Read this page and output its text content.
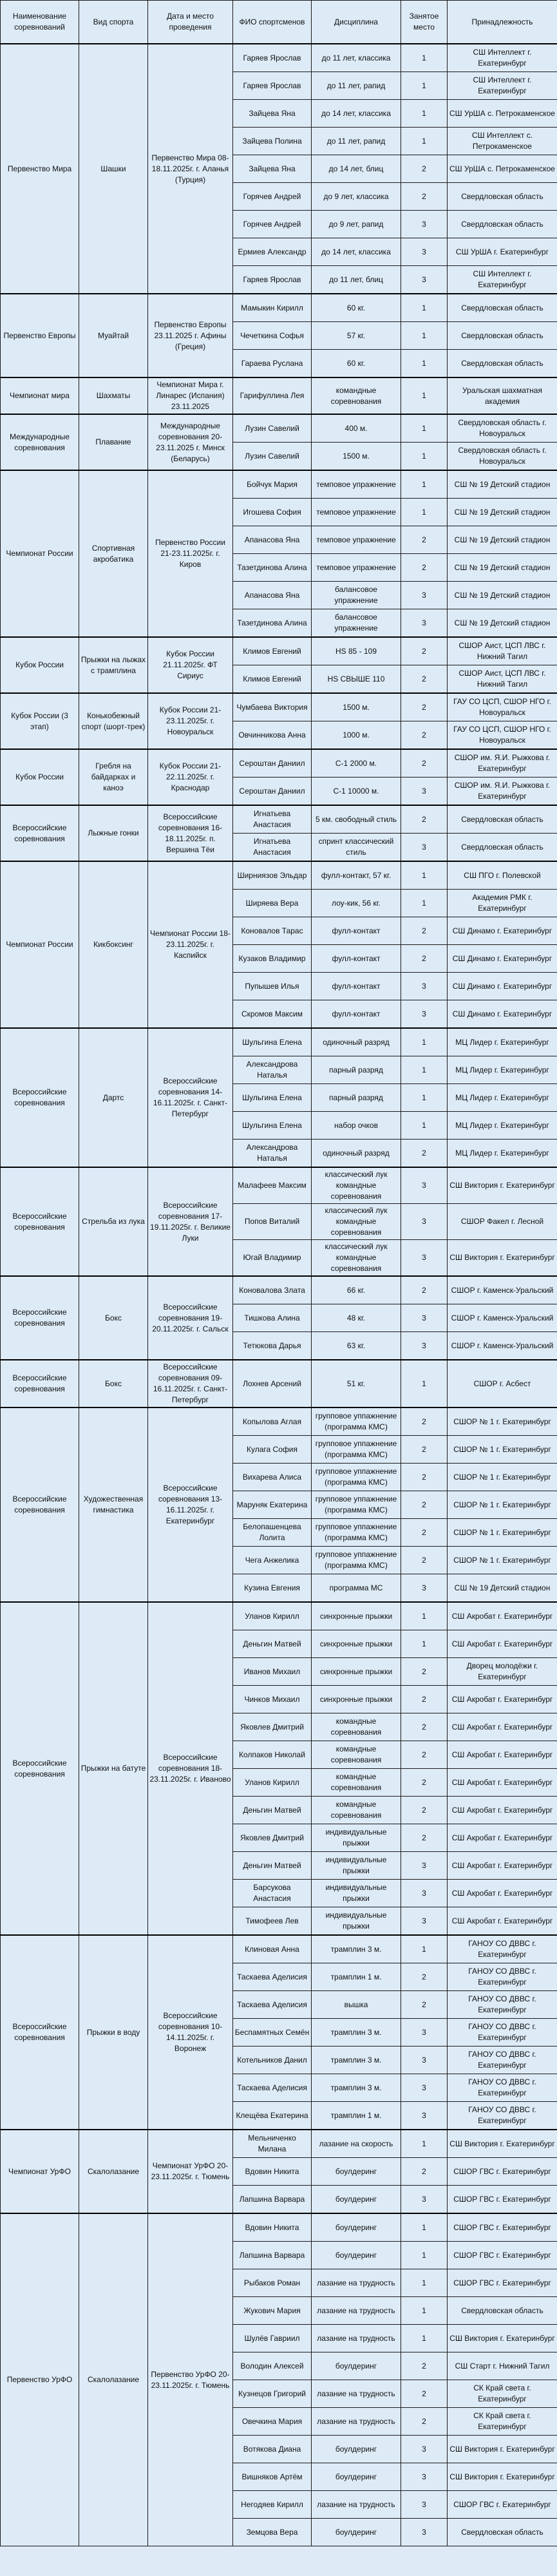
Наименование соревнований	Вид спорта	Дата и место проведения	ФИО спортсменов	Дисциплина	Занятое место	Принадлежность
Первенство Мира	Шашки	Первенство Мира 08-18.11.2025г. г. Аланья (Турция)	Гаряев Ярослав	до 11 лет, классика	1	СШ Интеллект г. Екатеринбург
			Гаряев Ярослав	до 11 лет, рапид	1	СШ Интеллект г. Екатеринбург
			Зайцева Яна	до 14 лет, классика	1	СШ УрША с. Петрокаменское
			Зайцева Полина	до 11 лет, рапид	1	СШ Интеллект с. Петрокаменское
			Зайцева Яна	до 14 лет, блиц	2	СШ УрША с. Петрокаменское
			Горячев Андрей	до 9 лет, классика	2	Свердловская область
			Горячев Андрей	до 9 лет, рапид	3	Свердловская область
			Ермиев Александр	до 14 лет, классика	3	СШ УрША г. Екатеринбург
			Гаряев Ярослав	до 11 лет, блиц	3	СШ Интеллект г. Екатеринбург
Первенство Европы	Муайтай	Первенство Европы 23.11.2025 г. Афины (Греция)	Мамыкин Кирилл	60 кг.	1	Свердловская область
			Чечеткина Софья	57 кг.	1	Свердловская область
			Гараева Руслана	60 кг.	1	Свердловская область
Чемпионат мира	Шахматы	Чемпионат Мира г. Линарес (Испания) 23.11.2025	Гарифуллина Лея	командные соревнования	1	Уральская шахматная академия
Международные соревнования	Плавание	Международные соревнования 20-23.11.2025 г. Минск (Беларусь)	Лузин Савелий	400 м.	1	Свердловская область г. Новоуральск
			Лузин Савелий	1500 м.	1	Свердловская область г. Новоуральск
Чемпионат России	Спортивная акробатика	Первенство России 21-23.11.2025г. г. Киров	Бойчук Мария	темповое упражнение	1	СШ № 19 Детский стадион
			Игошева София	темповое упражнение	1	СШ № 19 Детский стадион
			Апанасова Яна	темповое упражнение	2	СШ № 19 Детский стадион
			Тазетдинова Алина	темповое упражнение	2	СШ № 19 Детский стадион
			Апанасова Яна	балансовое упражнение	3	СШ № 19 Детский стадион
			Тазетдинова Алина	балансовое упражнение	3	СШ № 19 Детский стадион
Кубок России	Прыжки на лыжах с трамплина	Кубок России 21.11.2025г. ФТ Сириус	Климов Евгений	HS 85 - 109	2	СШОР Аист, ЦСП ЛВС г. Нижний Тагил
			Климов Евгений	HS СВЫШЕ 110	2	СШОР Аист, ЦСП ЛВС г. Нижний Тагил
Кубок России (3 этап)	Конькобежный спорт (шорт-трек)	Кубок России 21-23.11.2025г. г. Новоуральск	Чумбаева Виктория	1500 м.	2	ГАУ СО ЦСП, СШОР НГО г. Новоуральск
			Овчинникова Анна	1000 м.	2	ГАУ СО ЦСП, СШОР НГО г. Новоуральск
Кубок России	Гребля на байдарках и каноэ	Кубок России 21-22.11.2025г. г. Краснодар	Сероштан Даниил	С-1 2000 м.	2	СШОР им. Я.И. Рыжкова г. Екатеринбург
			Сероштан Даниил	С-1 10000 м.	3	СШОР им. Я.И. Рыжкова г. Екатеринбург
Всероссийские соревнования	Лыжные гонки	Всероссийские соревнования 16-18.11.2025г. п. Вершина Тёи	Игнатьева Анастасия	5 км. свободный стиль	2	Свердловская область
			Игнатьева Анастасия	спринт классический стиль	3	Свердловская область
Чемпионат России	Кикбоксинг	Чемпионат России 18-23.11.2025г. г. Каспийск	Ширниязов Эльдар	фулл-контакт, 57 кг.	1	СШ ПГО г. Полевской
			Ширяева Вера	лоу-кик, 56 кг.	1	Академия РМК г. Екатеринбург
			Коновалов Тарас	фулл-контакт	2	СШ Динамо г. Екатеринбург
			Кузаков Владимир	фулл-контакт	2	СШ Динамо г. Екатеринбург
			Пупышев Илья	фулл-контакт	3	СШ Динамо г. Екатеринбург
			Скромов Максим	фулл-контакт	3	СШ Динамо г. Екатеринбург
Всероссийские соревнования	Дартс	Всероссийские соревнования 14-16.11.2025г. г. Санкт-Петербург	Шульгина Елена	одиночный разряд	1	МЦ Лидер г. Екатеринбург
			Александрова Наталья	парный разряд	1	МЦ Лидер г. Екатеринбург
			Шульгина Елена	парный разряд	1	МЦ Лидер г. Екатеринбург
			Шульгина Елена	набор очков	1	МЦ Лидер г. Екатеринбург
			Александрова Наталья	одиночный разряд	2	МЦ Лидер г. Екатеринбург
Всероссийские соревнования	Стрельба из лука	Всероссийские соревнования 17-19.11.2025г. г. Великие Луки	Малафеев Максим	классический лук командные соревнования	3	СШ Виктория г. Екатеринбург
			Попов Виталий	классический лук командные соревнования	3	СШОР Факел г. Лесной
			Югай Владимир	классический лук командные соревнования	3	СШ Виктория г. Екатеринбург
Всероссийские соревнования	Бокс	Всероссийские соревнования 19-20.11.2025г. г. Сальск	Коновалова Злата	66 кг.	2	СШОР г. Каменск-Уральский
			Тишкова Алина	48 кг.	3	СШОР г. Каменск-Уральский
			Тетюкова Дарья	63 кг.	3	СШОР г. Каменск-Уральский
Всероссийские соревнования	Бокс	Всероссийские соревнования 09-16.11.2025г. г. Санкт-Петербург	Лохнев Арсений	51 кг.	1	СШОР г. Асбест
Всероссийские соревнования	Художественная гимнастика	Всероссийские соревнования 13-16.11.2025г. г. Екатеринбург	Копылова Аглая	групповое уппажнение (программа КМС)	2	СШОР № 1 г. Екатеринбург
			Кулага София	групповое уппажнение (программа КМС)	2	СШОР № 1 г. Екатеринбург
			Вихарева Алиса	групповое уппажнение (программа КМС)	2	СШОР № 1 г. Екатеринбург
			Маруняк Екатерина	групповое уппажнение (программа КМС)	2	СШОР № 1 г. Екатеринбург
			Белопашенцева Лолита	групповое уппажнение (программа КМС)	2	СШОР № 1 г. Екатеринбург
			Чега Анжелика	групповое уппажнение (программа КМС)	2	СШОР № 1 г. Екатеринбург
			Кузина Евгения	программа МС	3	СШ № 19 Детский стадион
Всероссийские соревнования	Прыжки на батуте	Всероссийские соревнования 18-23.11.2025г. г. Иваново	Уланов Кирилл	синхронные прыжки	1	СШ Акробат г. Екатеринбург
			Деньгин Матвей	синхронные прыжки	1	СШ Акробат г. Екатеринбург
			Иванов Михаил	синхронные прыжки	2	Дворец молодёжи г. Екатеринбург
			Чинков Михаил	синхронные прыжки	2	СШ Акробат г. Екатеринбург
			Яковлев Дмитрий	командные соревнования	2	СШ Акробат г. Екатеринбург
			Колпаков Николай	командные соревнования	2	СШ Акробат г. Екатеринбург
			Уланов Кирилл	командные соревнования	2	СШ Акробат г. Екатеринбург
			Деньгин Матвей	командные соревнования	2	СШ Акробат г. Екатеринбург
			Яковлев Дмитрий	индивидуальные прыжки	2	СШ Акробат г. Екатеринбург
			Деньгин Матвей	индивидуальные прыжки	3	СШ Акробат г. Екатеринбург
			Барсукова Анастасия	индивидуальные прыжки	3	СШ Акробат г. Екатеринбург
			Тимофеев Лев	индивидуальные прыжки	3	СШ Акробат г. Екатеринбург
Всероссийские соревнования	Прыжки в воду	Всероссийские соревнования 10-14.11.2025г. г. Воронеж	Клиновая Анна	трамплин 3 м.	1	ГАНОУ СО ДВВС г. Екатеринбург
			Таскаева Аделисия	трамплин 1 м.	2	ГАНОУ СО ДВВС г. Екатеринбург
			Таскаева Аделисия	вышка	2	ГАНОУ СО ДВВС г. Екатеринбург
			Беспамятных Семён	трамплин 3 м.	3	ГАНОУ СО ДВВС г. Екатеринбург
			Котельников Данил	трамплин 3 м.	3	ГАНОУ СО ДВВС г. Екатеринбург
			Таскаева Аделисия	трамплин 3 м.	3	ГАНОУ СО ДВВС г. Екатеринбург
			Клещёва Екатерина	трамплин 1 м.	3	ГАНОУ СО ДВВС г. Екатеринбург
Чемпионат УрФО	Скалолазание	Чемпионат УрФО 20-23.11.2025г. г. Тюмень	Мельниченко Милана	лазание на скорость	1	СШ Виктория г. Екатеринбург
			Вдовин Никита	боулдеринг	2	СШОР ГВС г. Екатеринбург
			Лапшина Варвара	боулдеринг	3	СШОР ГВС г. Екатеринбург
Первенство УрФО	Скалолазание	Первенство УрФО 20-23.11.2025г. г. Тюмень	Вдовин Никита	боулдеринг	1	СШОР ГВС г. Екатеринбург
			Лапшина Варвара	боулдеринг	1	СШОР ГВС г. Екатеринбург
			Рыбаков Роман	лазание на трудность	1	СШОР ГВС г. Екатеринбург
			Жукович Мария	лазание на трудность	1	Свердловская область
			Шулёв Гавриил	лазание на трудность	1	СШ Виктория г. Екатеринбург
			Володин Алексей	боулдеринг	2	СШ Старт г. Нижний Тагил
			Кузнецов Григорий	лазание на трудность	2	СК Край света г. Екатеринбург
			Овечкина Мария	лазание на трудность	2	СК Край света г. Екатеринбург
			Вотякова Диана	боулдеринг	3	СШ Виктория г. Екатеринбург
			Вишняков Артём	боулдеринг	3	СШ Виктория г. Екатеринбург
			Негодяев Кирилл	лазание на трудность	3	СШОР ГВС г. Екатеринбург
			Земцова Вера	боулдеринг	3	Свердловская область
